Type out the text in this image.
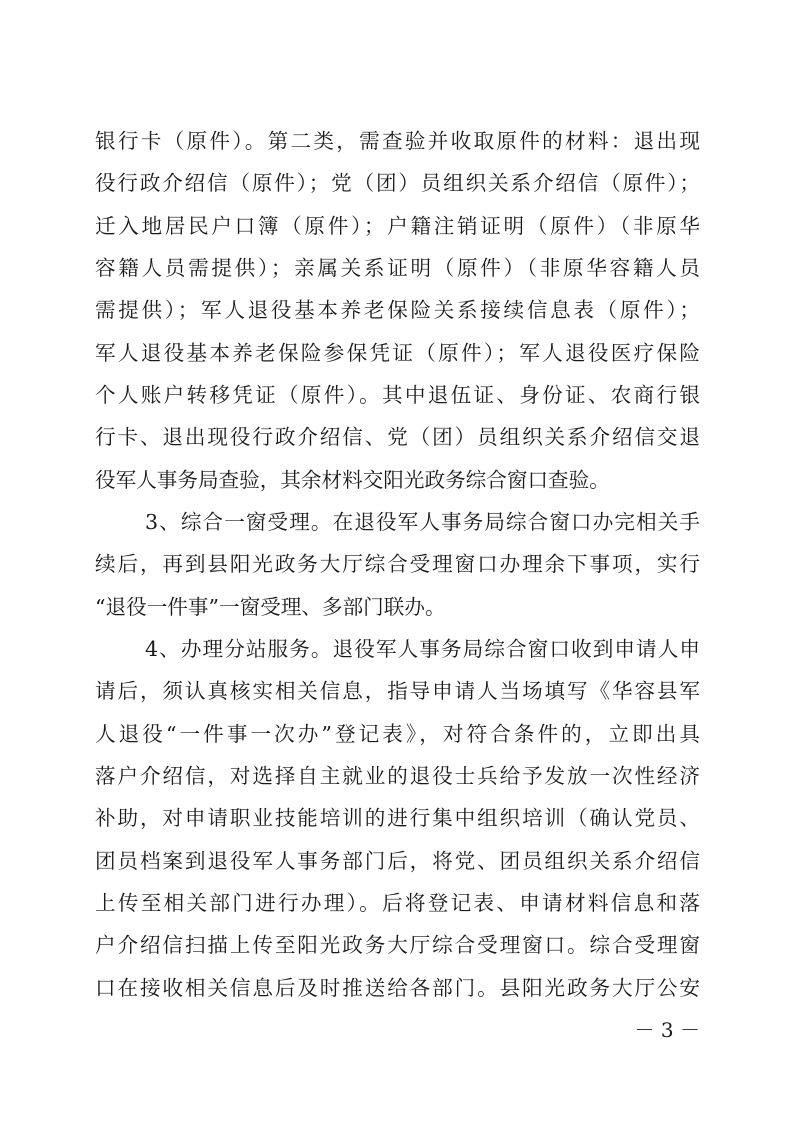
银行卡（原件）。第二类，需查验并收取原件的材料：退出现
役行政介绍信（原件）；党（团）员组织关系介绍信（原件）；
迁入地居民户口簿（原件）；户籍注销证明（原件）（非原华
容籍人员需提供）；亲属关系证明（原件）（非原华容籍人员
需提供）；军人退役基本养老保险关系接续信息表（原件）；
军人退役基本养老保险参保凭证（原件）；军人退役医疗保险
个人账户转移凭证（原件）。其中退伍证、身份证、农商行银
行卡、退出现役行政介绍信、党（团）员组织关系介绍信交退
役军人事务局查验，其余材料交阳光政务综合窗口查验。
3、综合一窗受理。在退役军人事务局综合窗口办完相关手
续后，再到县阳光政务大厅综合受理窗口办理余下事项，实行
“退役一件事”一窗受理、多部门联办。
4、办理分站服务。退役军人事务局综合窗口收到申请人申
请后，须认真核实相关信息，指导申请人当场填写《华容县军
人退役“一件事一次办”登记表》，对符合条件的，立即出具
落户介绍信，对选择自主就业的退役士兵给予发放一次性经济
补助，对申请职业技能培训的进行集中组织培训（确认党员、
团员档案到退役军人事务部门后，将党、团员组织关系介绍信
上传至相关部门进行办理）。后将登记表、申请材料信息和落
户介绍信扫描上传至阳光政务大厅综合受理窗口。综合受理窗
口在接收相关信息后及时推送给各部门。县阳光政务大厅公安
－ 3 －
